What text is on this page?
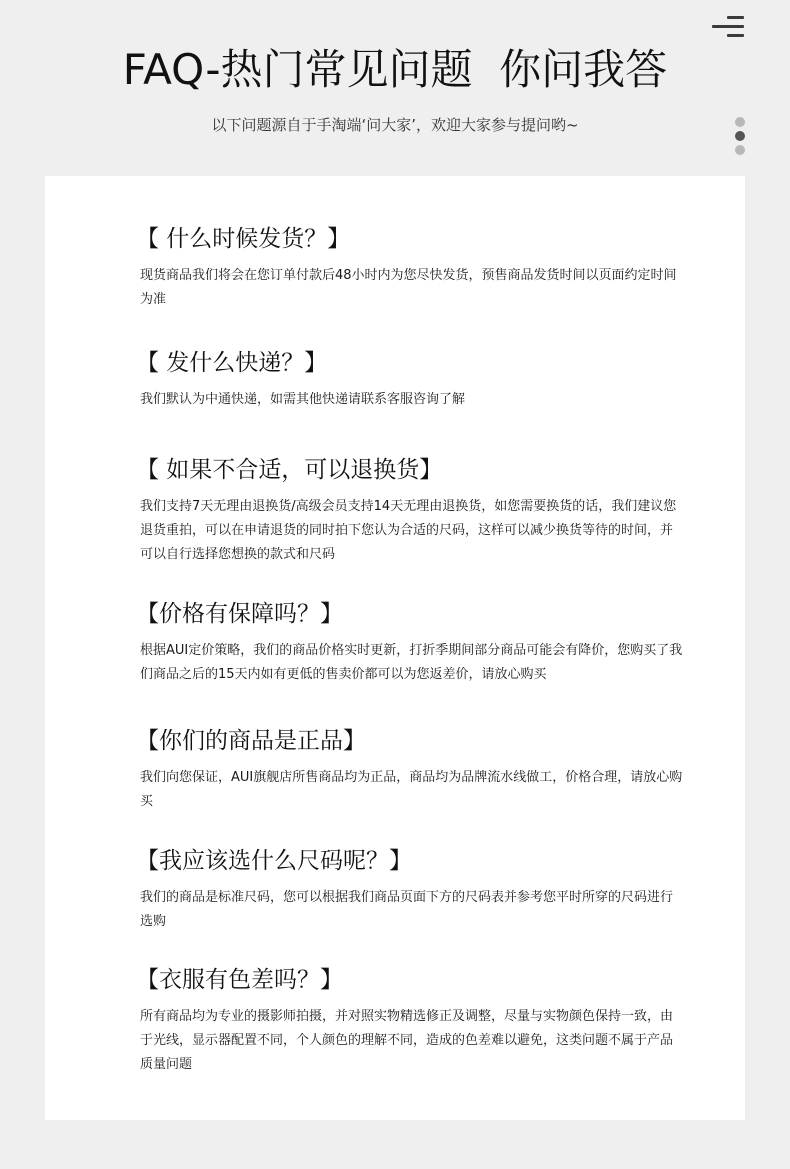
FAQ-热门常见问题  你问我答
以下问题源自于手淘端‘问大家’，欢迎大家参与提问哟~
【 什么时候发货？】
现货商品我们将会在您订单付款后48小时内为您尽快发货，预售商品发货时间以页面约定时间为准
【 发什么快递？】
我们默认为中通快递，如需其他快递请联系客服咨询了解
【 如果不合适，可以退换货】
我们支持7天无理由退换货/高级会员支持14天无理由退换货，如您需要换货的话，我们建议您退货重拍，可以在申请退货的同时拍下您认为合适的尺码，这样可以减少换货等待的时间，并可以自行选择您想换的款式和尺码
【价格有保障吗？】
根据AUI定价策略，我们的商品价格实时更新，打折季期间部分商品可能会有降价，您购买了我们商品之后的15天内如有更低的售卖价都可以为您返差价，请放心购买
【你们的商品是正品】
我们向您保证，AUI旗舰店所售商品均为正品，商品均为品牌流水线做工，价格合理，请放心购买
【我应该选什么尺码呢？】
我们的商品是标准尺码，您可以根据我们商品页面下方的尺码表并参考您平时所穿的尺码进行选购
【衣服有色差吗？】
所有商品均为专业的摄影师拍摄，并对照实物精选修正及调整，尽量与实物颜色保持一致，由于光线，显示器配置不同，个人颜色的理解不同，造成的色差难以避免，这类问题不属于产品质量问题
